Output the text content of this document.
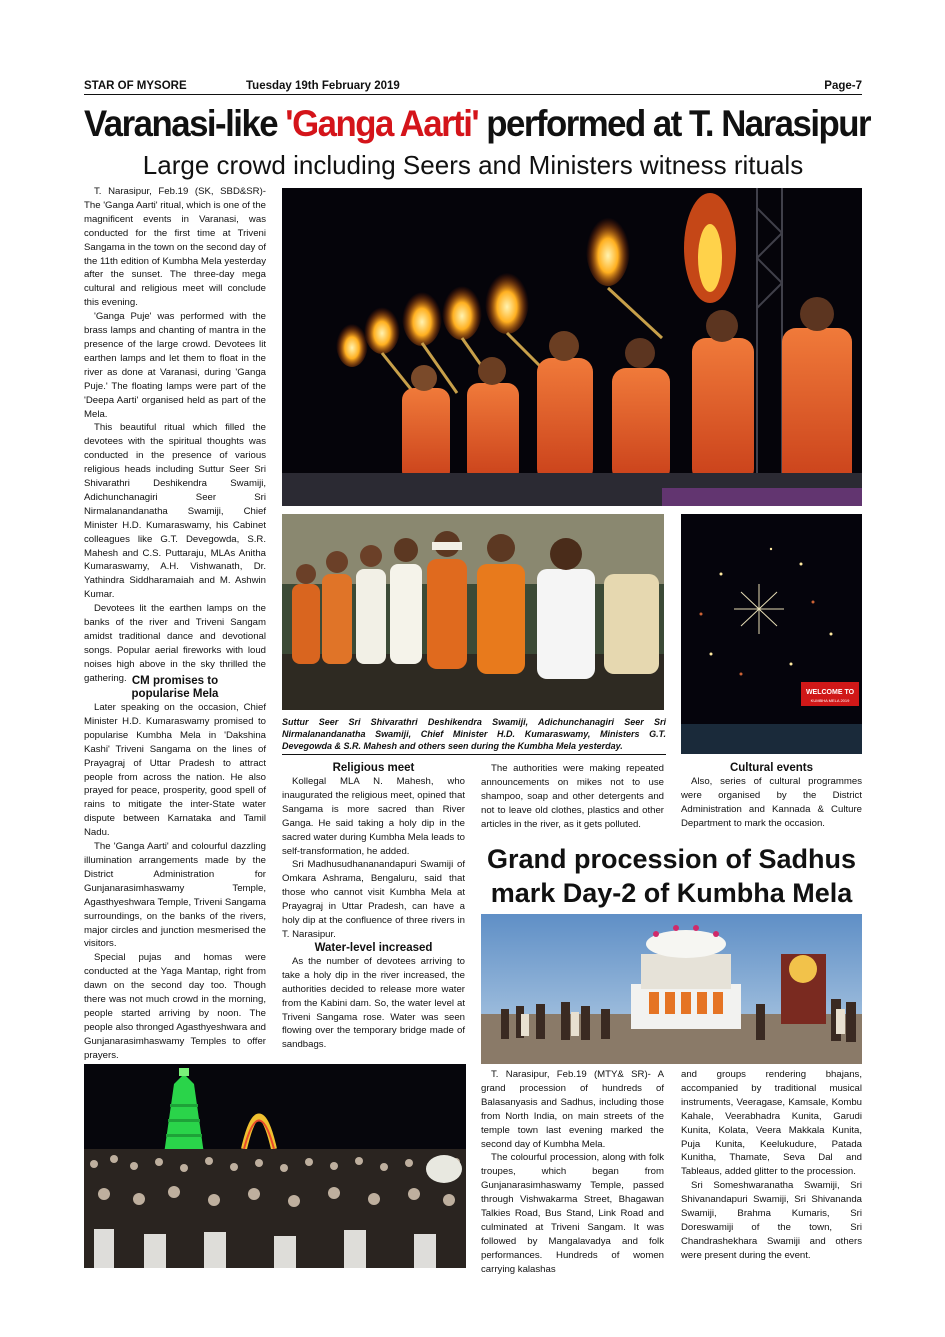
STAR OF MYSORE	Tuesday 19th February 2019	Page-7
Varanasi-like 'Ganga Aarti' performed at T. Narasipur
Large crowd including Seers and Ministers witness rituals

T. Narasipur, Feb.19 (SK, SBD&SR)- The 'Ganga Aarti' ritual, which is one of the magnificent events in Varanasi, was conducted for the first time at Triveni Sangama in the town on the second day of the 11th edition of Kumbha Mela yesterday after the sunset. The three-day mega cultural and religious meet will conclude this evening.

'Ganga Puje' was performed with the brass lamps and chanting of mantra in the presence of the large crowd. Devotees lit earthen lamps and let them to float in the river as done at Varanasi, during 'Ganga Puje.' The floating lamps were part of the 'Deepa Aarti' organised held as part of the Mela.

This beautiful ritual which filled the devotees with the spiritual thoughts was conducted in the presence of various religious heads including Suttur Seer Sri Shivarathri Deshikendra Swamiji, Adichunchanagiri Seer Sri Nirmalanandanatha Swamiji, Chief Minister H.D. Kumaraswamy, his Cabinet colleagues like G.T. Devegowda, S.R. Mahesh and C.S. Puttaraju, MLAs Anitha Kumaraswamy, A.H. Vishwanath, Dr. Yathindra Siddharamaiah and M. Ashwin Kumar.

Devotees lit the earthen lamps on the banks of the river and Triveni Sangam amidst traditional dance and devotional songs. Popular aerial fireworks with loud noises high above in the sky thrilled the gathering. CM promises to popularise Mela

Later speaking on the occasion, Chief Minister H.D. Kumaraswamy promised to popularise Kumbha Mela in 'Dakshina Kashi' Triveni Sangama on the lines of Prayagraj of Uttar Pradesh to attract people from across the nation. He also prayed for peace, prosperity, good spell of rains to mitigate the inter-State water dispute between Karnataka and Tamil Nadu.

The 'Ganga Aarti' and colourful dazzling illumination arrangements made by the District Administration for Gunjanarasimhaswamy Temple, Agasthyeshwara Temple, Triveni Sangama surroundings, on the banks of the rivers, major circles and junction mesmerised the visitors.

Special pujas and homas were conducted at the Yaga Mantap, right from dawn on the second day too. Though there was not much crowd in the morning, people started arriving by noon. The people also thronged Agasthyeshwara and Gunjanarasimhaswamy Temples to offer prayers.

Suttur Seer Sri Shivarathri Deshikendra Swamiji, Adichunchanagiri Seer Sri Nirmalanandanatha Swamiji, Chief Minister H.D. Kumaraswamy, Ministers G.T. Devegowda & S.R. Mahesh and others seen during the Kumbha Mela yesterday.
WELCOME TO
KUMBHA MELA 2019

Religious meet

Kollegal MLA N. Mahesh, who inaugurated the religious meet, opined that Sangama is more sacred than River Ganga. He said taking a holy dip in the sacred water during Kumbha Mela leads to self-transformation, he added.

Sri Madhusudhananandapuri Swamiji of Omkara Ashrama, Bengaluru, said that those who cannot visit Kumbha Mela at Prayagraj in Uttar Pradesh, can have a holy dip at the confluence of three rivers in T. Narasipur.

Water-level increased

As the number of devotees arriving to take a holy dip in the river increased, the authorities decided to release more water from the Kabini dam. So, the water level at Triveni Sangama rose. Water was seen flowing over the temporary bridge made of sandbags.

The authorities were making repeated announcements on mikes not to use shampoo, soap and other detergents and not to leave old clothes, plastics and other articles in the river, as it gets polluted.

Cultural events

Also, series of cultural programmes were organised by the District Administration and Kannada & Culture Department to mark the occasion.

Grand procession of Sadhus
mark Day-2 of Kumbha Mela

T. Narasipur, Feb.19 (MTY& SR)- A grand procession of hundreds of Balasanyasis and Sadhus, including those from North India, on main streets of the temple town last evening marked the second day of Kumbha Mela.

The colourful procession, along with folk troupes, which began from Gunjanarasimhaswamy Temple, passed through Vishwakarma Street, Bhagawan Talkies Road, Bus Stand, Link Road and culminated at Triveni Sangam. It was followed by Mangalavadya and folk performances. Hundreds of women carrying kalashas

and groups rendering bhajans, accompanied by traditional musical instruments, Veeragase, Kamsale, Kombu Kahale, Veerabhadra Kunita, Garudi Kunita, Kolata, Veera Makkala Kunita, Puja Kunita, Keelukudure, Patada Kunitha, Thamate, Seva Dal and Tableaus, added glitter to the procession.

Sri Someshwaranatha Swamiji, Sri Shivanandapuri Swamiji, Sri Shivananda Swamiji, Brahma Kumaris, Sri Doreswamiji of the town, Sri Chandrashekhara Swamiji and others were present during the event.
